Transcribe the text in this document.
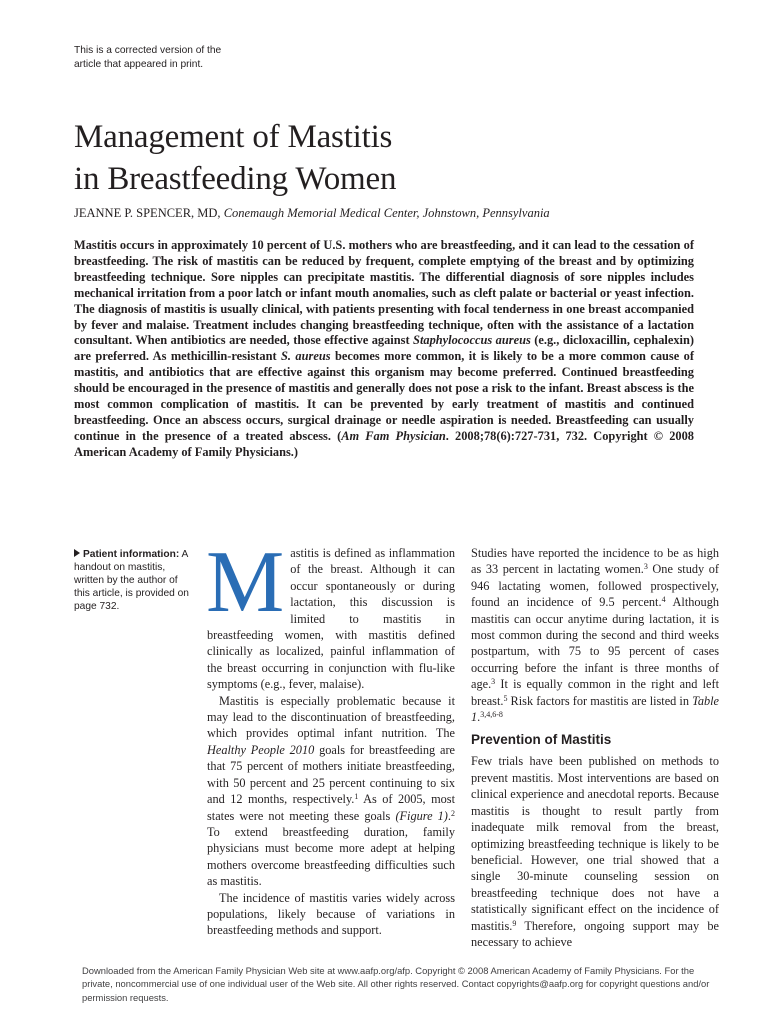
This is a corrected version of the article that appeared in print.
Management of Mastitis
in Breastfeeding Women
JEANNE P. SPENCER, MD, Conemaugh Memorial Medical Center, Johnstown, Pennsylvania
Mastitis occurs in approximately 10 percent of U.S. mothers who are breastfeeding, and it can lead to the cessation of breastfeeding. The risk of mastitis can be reduced by frequent, complete emptying of the breast and by optimizing breastfeeding technique. Sore nipples can precipitate mastitis. The differential diagnosis of sore nipples includes mechanical irritation from a poor latch or infant mouth anomalies, such as cleft palate or bacterial or yeast infection. The diagnosis of mastitis is usually clinical, with patients presenting with focal tenderness in one breast accompanied by fever and malaise. Treatment includes changing breastfeeding technique, often with the assistance of a lactation consultant. When antibiotics are needed, those effective against Staphylococcus aureus (e.g., dicloxacillin, cephalexin) are preferred. As methicillin-resistant S. aureus becomes more common, it is likely to be a more common cause of mastitis, and antibiotics that are effective against this organism may become preferred. Continued breastfeeding should be encouraged in the presence of mastitis and generally does not pose a risk to the infant. Breast abscess is the most common complication of mastitis. It can be prevented by early treatment of mastitis and continued breastfeeding. Once an abscess occurs, surgical drainage or needle aspiration is needed. Breastfeeding can usually continue in the presence of a treated abscess. (Am Fam Physician. 2008;78(6):727-731, 732. Copyright © 2008 American Academy of Family Physicians.)
Patient information: A handout on mastitis, written by the author of this article, is provided on page 732. Mastitis is defined as inflammation of the breast. Although it can occur spontaneously or during lactation, this discussion is limited to mastitis in breastfeeding women, with mastitis defined clinically as localized, painful inflammation of the breast occurring in conjunction with flu-like symptoms (e.g., fever, malaise).

Mastitis is especially problematic because it may lead to the discontinuation of breastfeeding, which provides optimal infant nutrition. The Healthy People 2010 goals for breastfeeding are that 75 percent of mothers initiate breastfeeding, with 50 percent and 25 percent continuing to six and 12 months, respectively.$^1$ As of 2005, most states were not meeting these goals (Figure 1).$^2$ To extend breastfeeding duration, family physicians must become more adept at helping mothers overcome breastfeeding difficulties such as mastitis.

The incidence of mastitis varies widely across populations, likely because of variations in breastfeeding methods and support.

Studies have reported the incidence to be as high as 33 percent in lactating women.$^3$ One study of 946 lactating women, followed prospectively, found an incidence of 9.5 percent.$^4$ Although mastitis can occur anytime during lactation, it is most common during the second and third weeks postpartum, with 75 to 95 percent of cases occurring before the infant is three months of age.$^3$ It is equally common in the right and left breast.$^5$ Risk factors for mastitis are listed in Table 1.$^{3,4,6-8}$

Prevention of Mastitis

Few trials have been published on methods to prevent mastitis. Most interventions are based on clinical experience and anecdotal reports. Because mastitis is thought to result partly from inadequate milk removal from the breast, optimizing breastfeeding technique is likely to be beneficial. However, one trial showed that a single 30-minute counseling session on breastfeeding technique does not have a statistically significant effect on the incidence of mastitis.$^9$ Therefore, ongoing support may be necessary to achieve

Downloaded from the American Family Physician Web site at www.aafp.org/afp. Copyright © 2008 American Academy of Family Physicians. For the private, noncommercial use of one individual user of the Web site. All other rights reserved. Contact copyrights@aafp.org for copyright questions and/or permission requests.
